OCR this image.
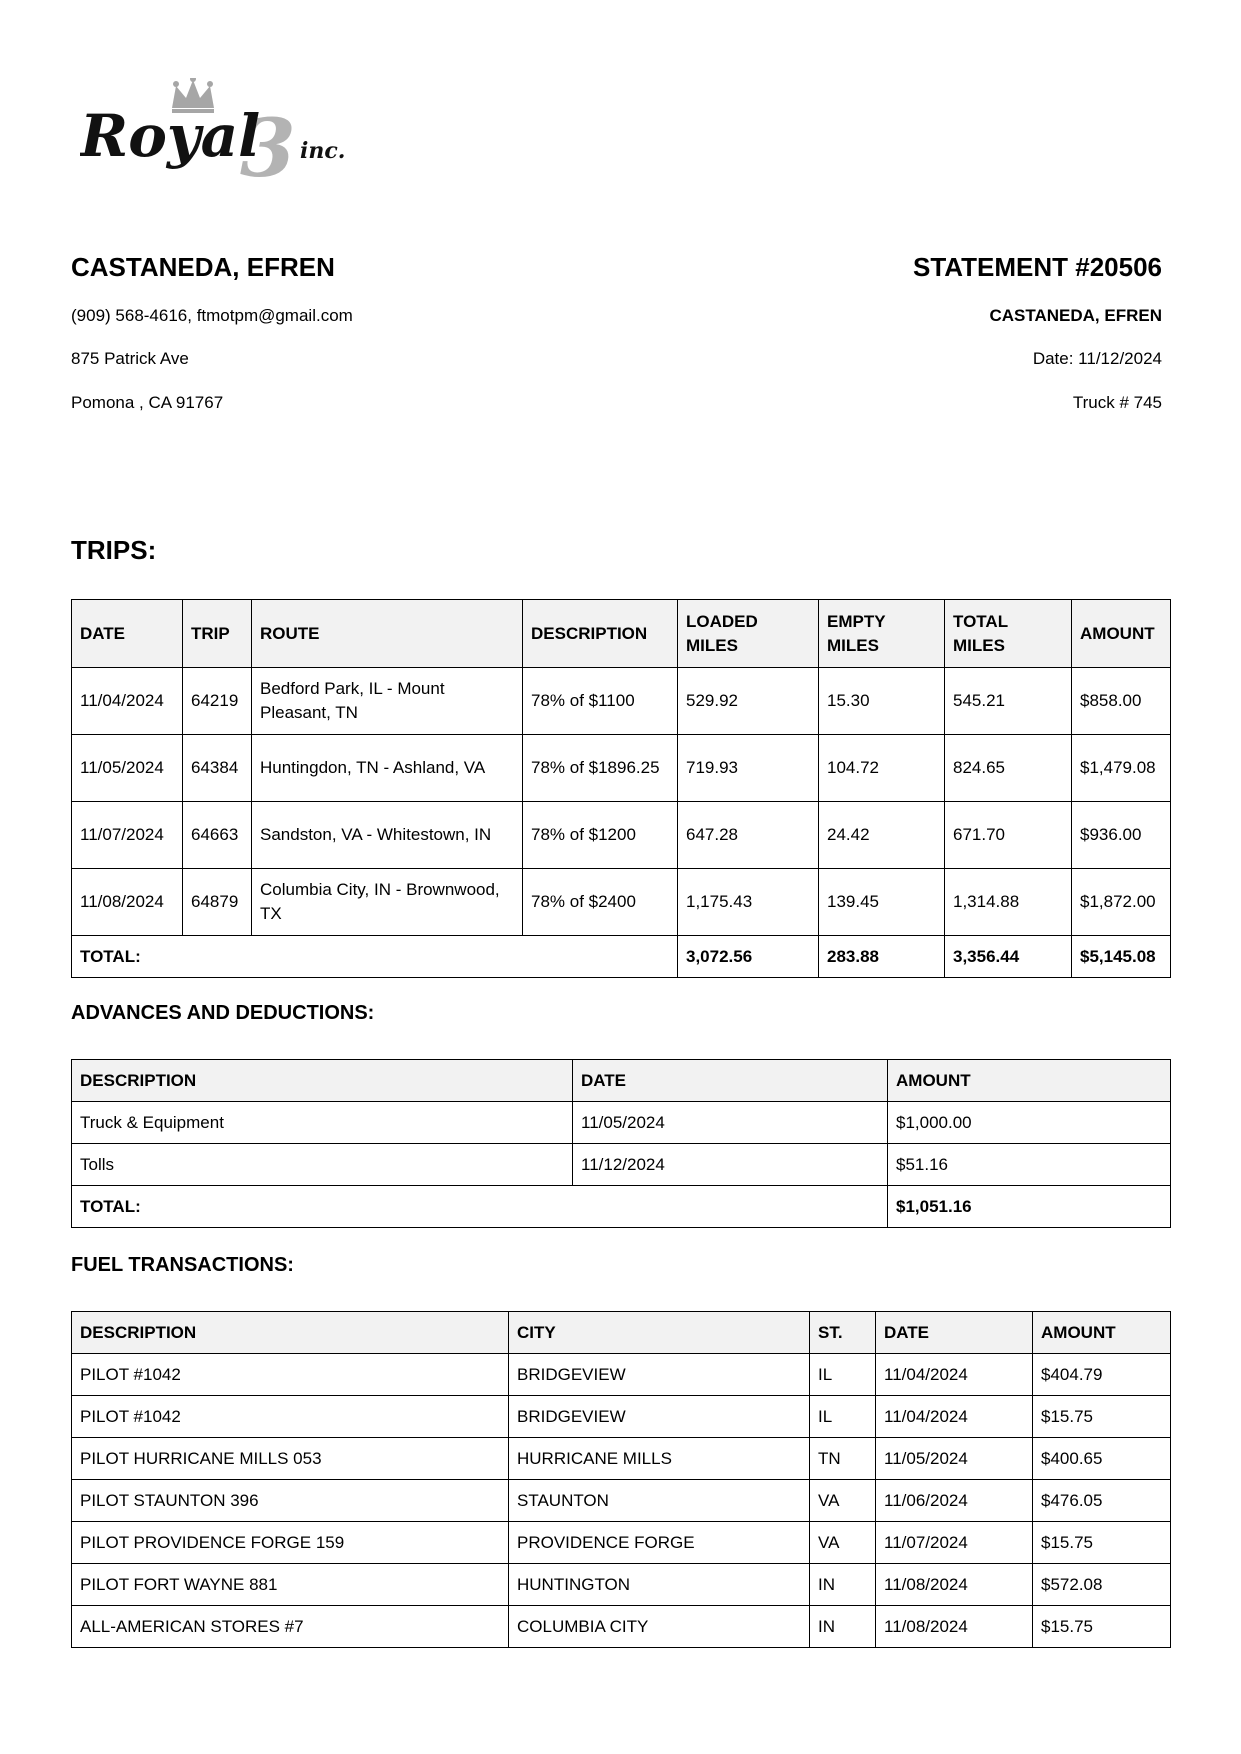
3
Royal inc.
CASTANEDA, EFREN
(909) 568-4616, ftmotpm@gmail.com
875 Patrick Ave
Pomona , CA 91767
STATEMENT #20506
CASTANEDA, EFREN
Date: 11/12/2024
Truck # 745
TRIPS:
DATE	TRIP	ROUTE	DESCRIPTION	LOADED MILES	EMPTY MILES	TOTAL MILES	AMOUNT
11/04/2024	64219	Bedford Park, IL - Mount Pleasant, TN	78% of $1100	529.92	15.30	545.21	$858.00
11/05/2024	64384	Huntingdon, TN - Ashland, VA	78% of $1896.25	719.93	104.72	824.65	$1,479.08
11/07/2024	64663	Sandston, VA - Whitestown, IN	78% of $1200	647.28	24.42	671.70	$936.00
11/08/2024	64879	Columbia City, IN - Brownwood, TX	78% of $2400	1,175.43	139.45	1,314.88	$1,872.00
TOTAL:				3,072.56	283.88	3,356.44	$5,145.08
ADVANCES AND DEDUCTIONS:
DESCRIPTION	DATE	AMOUNT
Truck & Equipment	11/05/2024	$1,000.00
Tolls	11/12/2024	$51.16
TOTAL:		$1,051.16
FUEL TRANSACTIONS:
DESCRIPTION	CITY	ST.	DATE	AMOUNT
PILOT #1042	BRIDGEVIEW	IL	11/04/2024	$404.79
PILOT #1042	BRIDGEVIEW	IL	11/04/2024	$15.75
PILOT HURRICANE MILLS 053	HURRICANE MILLS	TN	11/05/2024	$400.65
PILOT STAUNTON 396	STAUNTON	VA	11/06/2024	$476.05
PILOT PROVIDENCE FORGE 159	PROVIDENCE FORGE	VA	11/07/2024	$15.75
PILOT FORT WAYNE 881	HUNTINGTON	IN	11/08/2024	$572.08
ALL-AMERICAN STORES #7	COLUMBIA CITY	IN	11/08/2024	$15.75
